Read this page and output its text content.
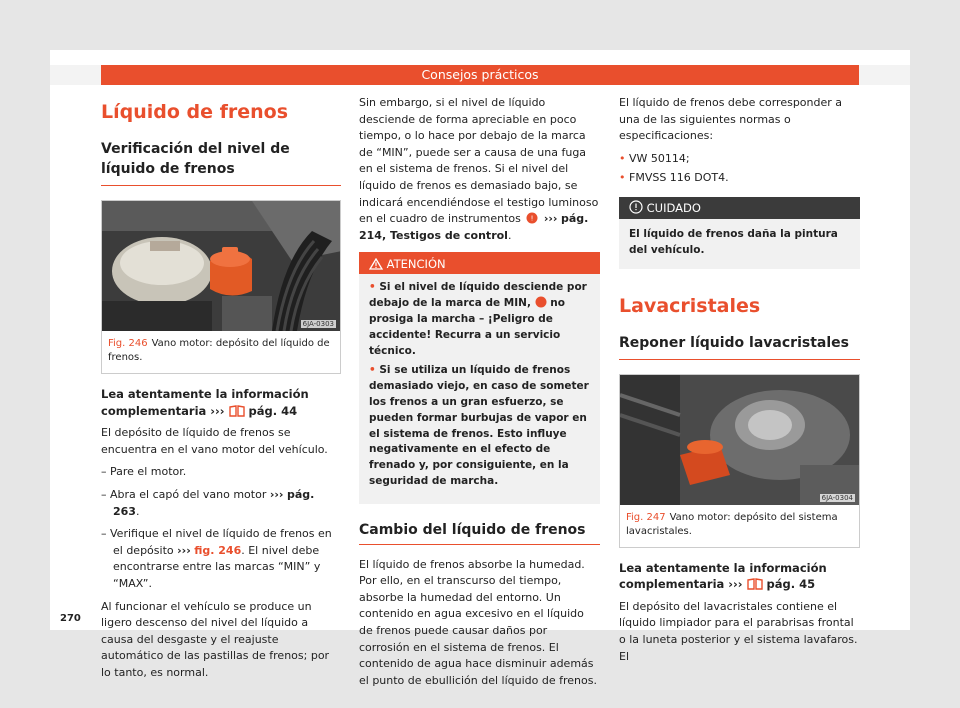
Consejos prácticos
Líquido de frenos
Verificación del nivel de líquido de frenos
6JA-0303
Fig. 246 Vano motor: depósito del líquido de frenos.
Lea atentamente la información complementaria ››› pág. 44
El depósito de líquido de frenos se encuentra en el vano motor del vehículo.
– Pare el motor.
– Abra el capó del vano motor ››› pág. 263.
– Verifique el nivel de líquido de frenos en el depósito ››› fig. 246. El nivel debe encontrarse entre las marcas “MIN” y “MAX”.
Al funcionar el vehículo se produce un ligero descenso del nivel del líquido a causa del desgaste y el reajuste automático de las pastillas de frenos; por lo tanto, es normal.
Sin embargo, si el nivel de líquido desciende de forma apreciable en poco tiempo, o lo hace por debajo de la marca de “MIN”, puede ser a causa de una fuga en el sistema de frenos. Si el nivel del líquido de frenos es demasiado bajo, se indicará encendiéndose el testigo luminoso en el cuadro de instrumentos ! ››› pág. 214, Testigos de control.
ATENCIÓN
• Si el nivel de líquido desciende por debajo de la marca de MIN, no prosiga la marcha – ¡Peligro de accidente! Recurra a un servicio técnico.
• Si se utiliza un líquido de frenos demasiado viejo, en caso de someter los frenos a un gran esfuerzo, se pueden formar burbujas de vapor en el sistema de frenos. Esto influye negativamente en el efecto de frenado y, por consiguiente, en la seguridad de marcha.
Cambio del líquido de frenos
El líquido de frenos absorbe la humedad. Por ello, en el transcurso del tiempo, absorbe la humedad del entorno. Un contenido en agua excesivo en el líquido de frenos puede causar daños por corrosión en el sistema de frenos. El contenido de agua hace disminuir además el punto de ebullición del líquido de frenos.
El líquido de frenos debe corresponder a una de las siguientes normas o especificaciones:
• VW 50114;
• FMVSS 116 DOT4.
CUIDADO
El líquido de frenos daña la pintura del vehículo.
Lavacristales
Reponer líquido lavacristales
6JA-0304
Fig. 247 Vano motor: depósito del sistema lavacristales.
Lea atentamente la información complementaria ››› pág. 45
El depósito del lavacristales contiene el líquido limpiador para el parabrisas frontal o la luneta posterior y el sistema lavafaros. El
270
